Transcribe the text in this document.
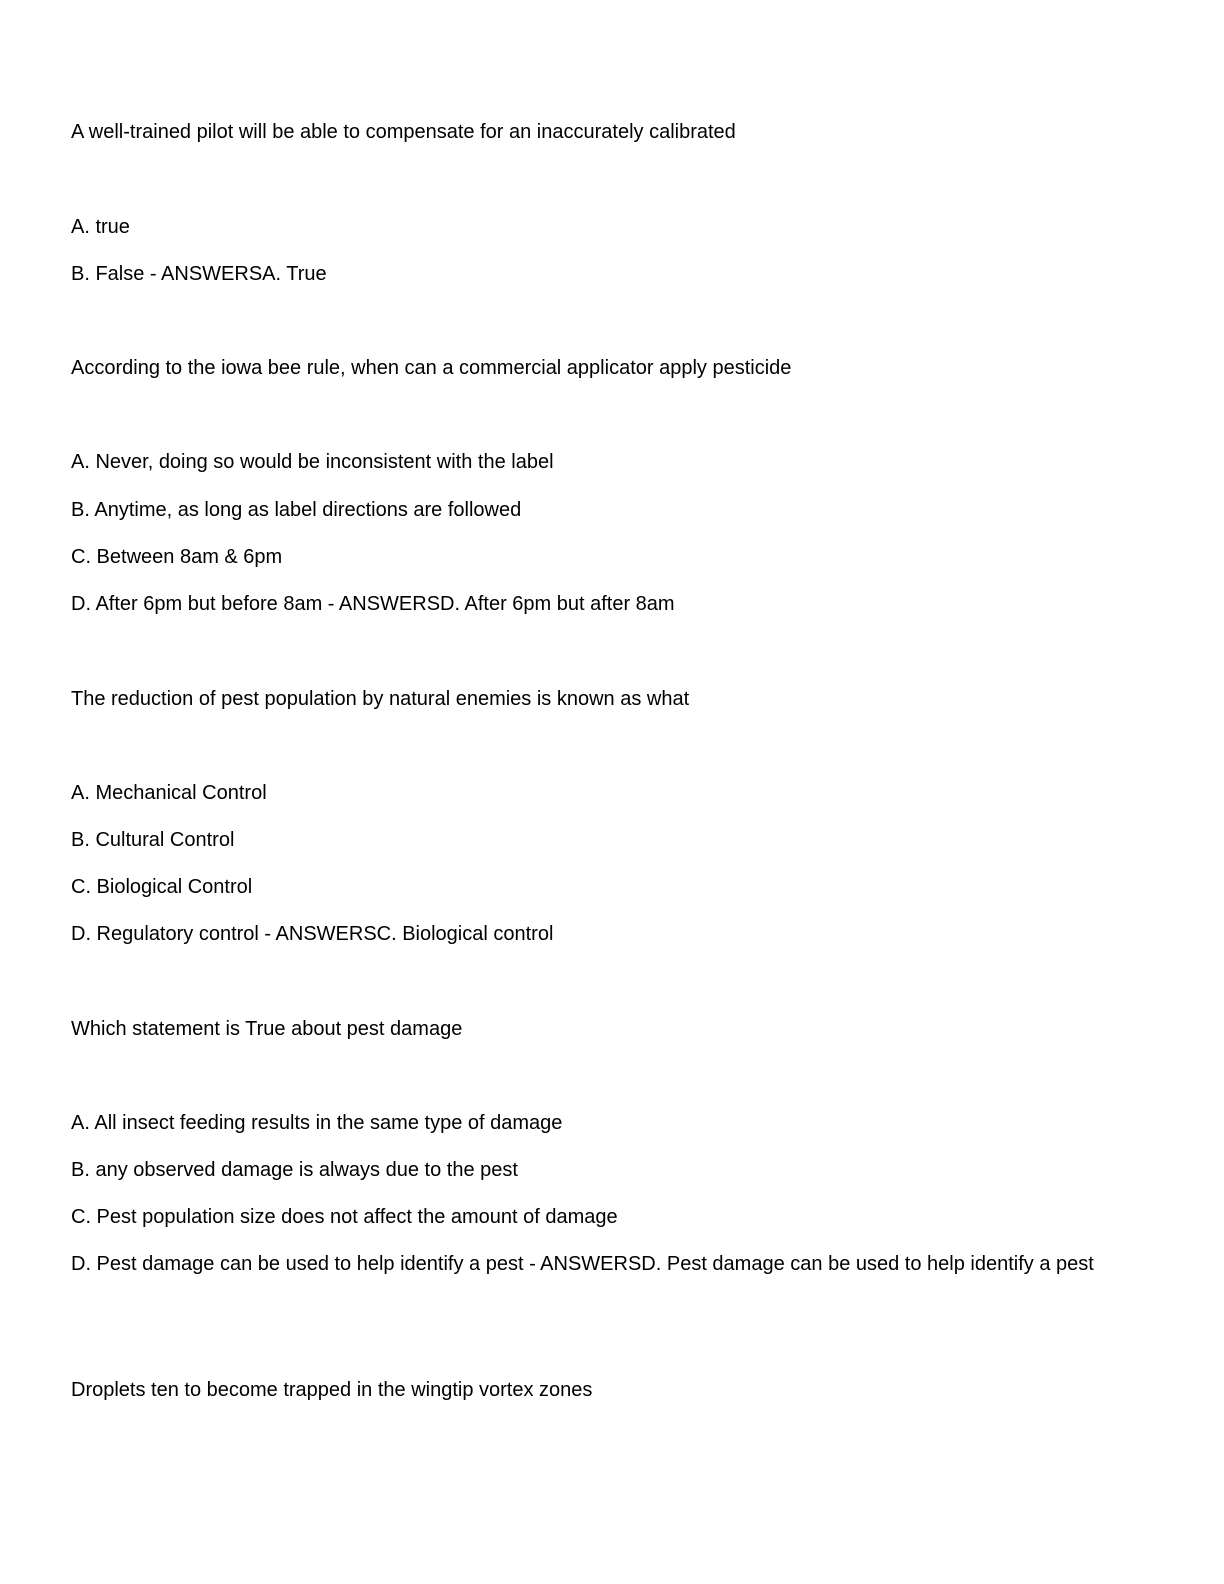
A well-trained pilot will be able to compensate for an inaccurately calibrated

A. true

B. False - ANSWERSA. True

According to the iowa bee rule, when can a commercial applicator apply pesticide

A. Never, doing so would be inconsistent with the label

B. Anytime, as long as label directions are followed

C. Between 8am & 6pm

D. After 6pm but before 8am - ANSWERSD. After 6pm but after 8am

The reduction of pest population by natural enemies is known as what

A. Mechanical Control

B. Cultural Control

C. Biological Control

D. Regulatory control - ANSWERSC. Biological control

Which statement is True about pest damage

A. All insect feeding results in the same type of damage

B. any observed damage is always due to the pest

C. Pest population size does not affect the amount of damage

D. Pest damage can be used to help identify a pest - ANSWERSD. Pest damage can be used to help identify a pest

Droplets ten to become trapped in the wingtip vortex zones
